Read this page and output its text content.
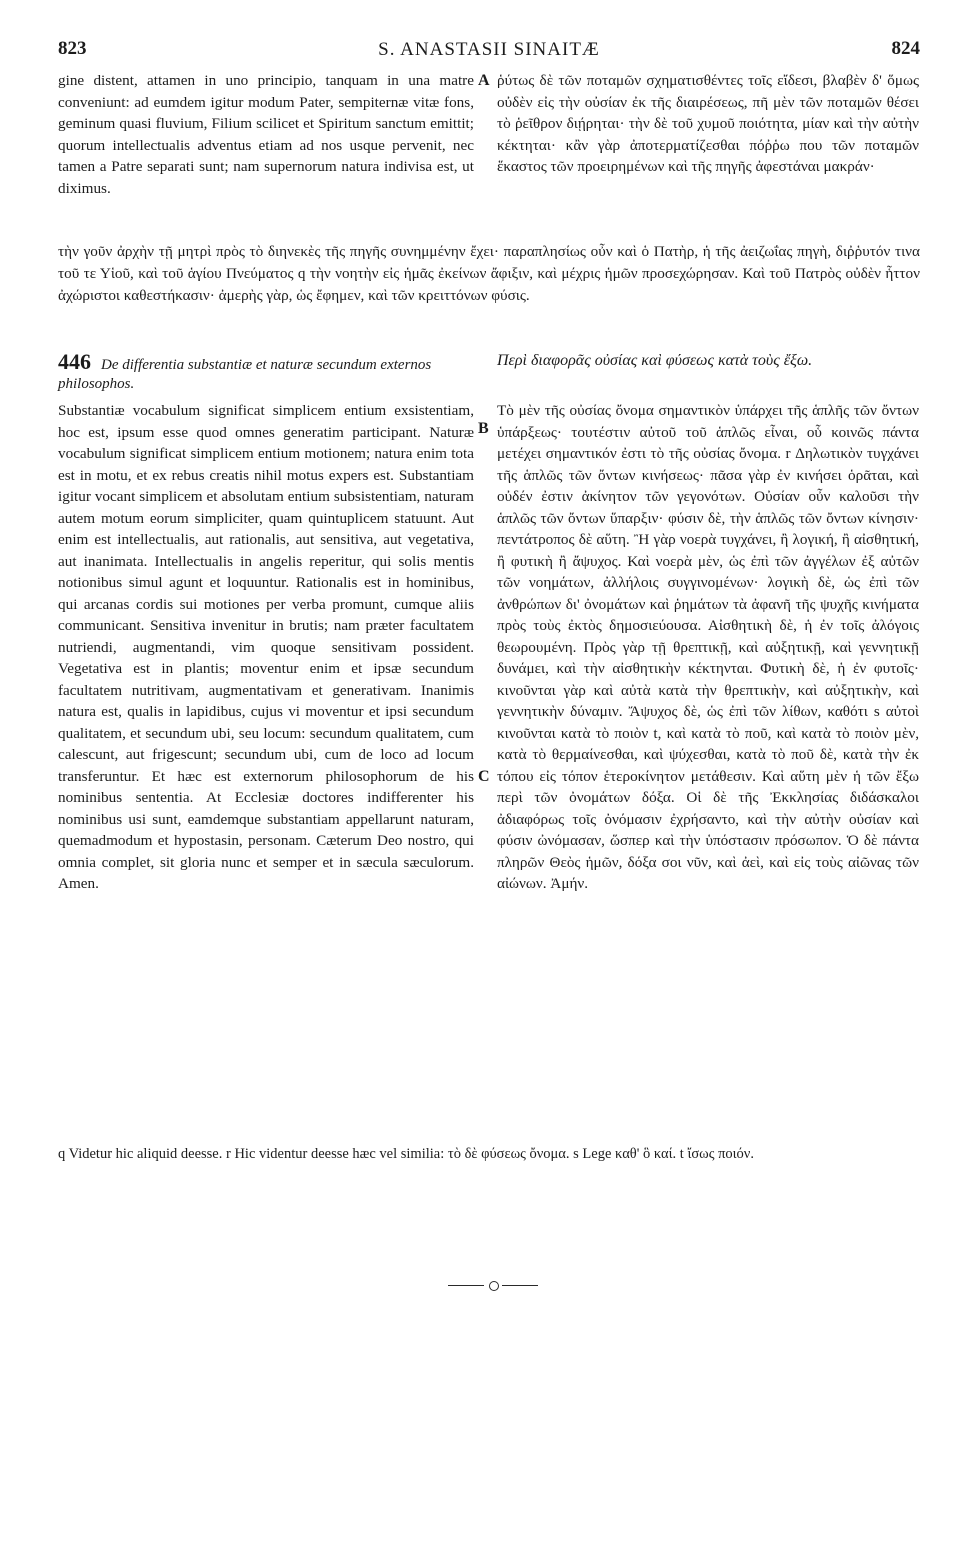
823	S. ANASTASII SINAITÆ	824

gine distent, attamen in uno principio, tanquam in una matre conveniunt: ad eumdem igitur modum Pater, sempiternæ vitæ fons, geminum quasi fluvium, Filium scilicet et Spiritum sanctum emittit; quorum intellectualis adventus etiam ad nos usque pervenit, nec tamen a Patre separati sunt; nam supernorum natura indivisa est, ut diximus.

A ῥύτως δὲ τῶν ποταμῶν σχηματισθέντες τοῖς εἴδεσι, βλαβὲν δ' ὅμως οὐδὲν εἰς τὴν οὐσίαν ἐκ τῆς διαιρέσεως, πῆ μὲν τῶν ποταμῶν θέσει τὸ ῥεῖθρον διῄρηται· τὴν δὲ τοῦ χυμοῦ ποιότητα, μίαν καὶ τὴν αὐτὴν κέκτηται· κἂν γὰρ ἀποτερματίζεσθαι πόῤῥω που τῶν ποταμῶν ἕκαστος τῶν προειρημένων καὶ τῆς πηγῆς ἀφεστάναι μακράν·

τὴν γοῦν ἀρχὴν τῇ μητρὶ πρὸς τὸ διηνεκὲς τῆς πηγῆς συνημμένην ἔχει· παραπλησίως οὖν καὶ ὁ Πατὴρ, ἡ τῆς ἀειζωΐας πηγὴ, διῤῥυτόν τινα τοῦ τε Υἱοῦ, καὶ τοῦ ἁγίου Πνεύματος q τὴν νοητὴν εἰς ἡμᾶς ἐκείνων ἄφιξιν, καὶ μέχρις ἡμῶν προσεχώρησαν. Καὶ τοῦ Πατρὸς οὐδὲν ἧττον ἀχώριστοι καθεστήκασιν· ἀμερὴς γὰρ, ὡς ἔφημεν, καὶ τῶν κρειττόνων φύσις.

446 De differentia substantiæ et naturæ secundum externos philosophos.
Περὶ διαφορᾶς οὐσίας καὶ φύσεως κατὰ τοὺς ἔξω.

Substantiæ vocabulum significat simplicem entium exsistentiam, hoc est, ipsum esse quod omnes generatim participant. Naturæ vocabulum significat simplicem entium motionem; natura enim tota est in motu, et ex rebus creatis nihil motus expers est. Substantiam igitur vocant simplicem et absolutam entium subsistentiam, naturam autem motum eorum simpliciter, quam quintuplicem statuunt. Aut enim est intellectualis, aut rationalis, aut sensitiva, aut vegetativa, aut inanimata. Intellectualis in angelis reperitur, qui solis mentis notionibus simul agunt et loquuntur. Rationalis est in hominibus, qui arcanas cordis sui motiones per verba promunt, cumque aliis communicant. Sensitiva invenitur in brutis; nam præter facultatem nutriendi, augmentandi, vim quoque sensitivam possident. Vegetativa est in plantis; moventur enim et ipsæ secundum facultatem nutritivam, augmentativam et generativam. Inanimis natura est, qualis in lapidibus, cujus vi moventur et ipsi secundum qualitatem, et secundum ubi, seu locum: secundum qualitatem, cum calescunt, aut frigescunt; secundum ubi, cum de loco ad locum transferuntur. Et hæc est externorum philosophorum de his nominibus sententia. At Ecclesiæ doctores indifferenter his nominibus usi sunt, eamdemque substantiam appellarunt naturam, quemadmodum et hypostasin, personam. Cæterum Deo nostro, qui omnia complet, sit gloria nunc et semper et in sæcula sæculorum. Amen.

B
C

Τὸ μὲν τῆς οὐσίας ὄνομα σημαντικὸν ὑπάρχει τῆς ἁπλῆς τῶν ὄντων ὑπάρξεως· τουτέστιν αὐτοῦ τοῦ ἁπλῶς εἶναι, οὗ κοινῶς πάντα μετέχει σημαντικόν ἐστι τὸ τῆς οὐσίας ὄνομα. r Δηλωτικὸν τυγχάνει τῆς ἁπλῶς τῶν ὄντων κινήσεως· πᾶσα γὰρ ἐν κινήσει ὁρᾶται, καὶ οὐδέν ἐστιν ἀκίνητον τῶν γεγονότων. Οὐσίαν οὖν καλοῦσι τὴν ἁπλῶς τῶν ὄντων ὕπαρξιν· φύσιν δὲ, τὴν ἁπλῶς τῶν ὄντων κίνησιν· πεντάτροπος δὲ αὕτη. Ἢ γὰρ νοερὰ τυγχάνει, ἢ λογική, ἢ αἰσθητική, ἢ φυτικὴ ἢ ἄψυχος. Καὶ νοερὰ μὲν, ὡς ἐπὶ τῶν ἀγγέλων ἐξ αὐτῶν τῶν νοημάτων, ἀλλήλοις συγγινομένων· λογικὴ δὲ, ὡς ἐπὶ τῶν ἀνθρώπων δι' ὀνομάτων καὶ ῥημάτων τὰ ἀφανῆ τῆς ψυχῆς κινήματα πρὸς τοὺς ἐκτὸς δημοσιεύουσα. Αἰσθητικὴ δὲ, ἡ ἐν τοῖς ἀλόγοις θεωρουμένη. Πρὸς γὰρ τῇ θρεπτικῇ, καὶ αὐξητικῇ, καὶ γεννητικῇ δυνάμει, καὶ τὴν αἰσθητικὴν κέκτηνται. Φυτικὴ δὲ, ἡ ἐν φυτοῖς· κινοῦνται γὰρ καὶ αὐτὰ κατὰ τὴν θρεπτικὴν, καὶ αὐξητικὴν, καὶ γεννητικὴν δύναμιν. Ἄψυχος δὲ, ὡς ἐπὶ τῶν λίθων, καθότι s αὐτοὶ κινοῦνται κατὰ τὸ ποιὸν t, καὶ κατὰ τὸ ποῦ, καὶ κατὰ τὸ ποιὸν μὲν, κατὰ τὸ θερμαίνεσθαι, καὶ ψύχεσθαι, κατὰ τὸ ποῦ δὲ, κατὰ τὴν ἐκ τόπου εἰς τόπον ἑτεροκίνητον μετάθεσιν. Καὶ αὕτη μὲν ἡ τῶν ἔξω περὶ τῶν ὀνομάτων δόξα. Οἱ δὲ τῆς Ἐκκλησίας διδάσκαλοι ἀδιαφόρως τοῖς ὀνόμασιν ἐχρήσαντο, καὶ τὴν αὐτὴν οὐσίαν καὶ φύσιν ὠνόμασαν, ὥσπερ καὶ τὴν ὑπόστασιν πρόσωπον. Ὁ δὲ πάντα πληρῶν Θεὸς ἡμῶν, δόξα σοι νῦν, καὶ ἀεὶ, καὶ εἰς τοὺς αἰῶνας τῶν αἰώνων. Ἀμήν.

q Videtur hic aliquid deesse. r Hic videntur deesse hæc vel similia: τὸ δὲ φύσεως ὄνομα. s Lege καθ' ὃ καί. t ἴσως ποιόν.
